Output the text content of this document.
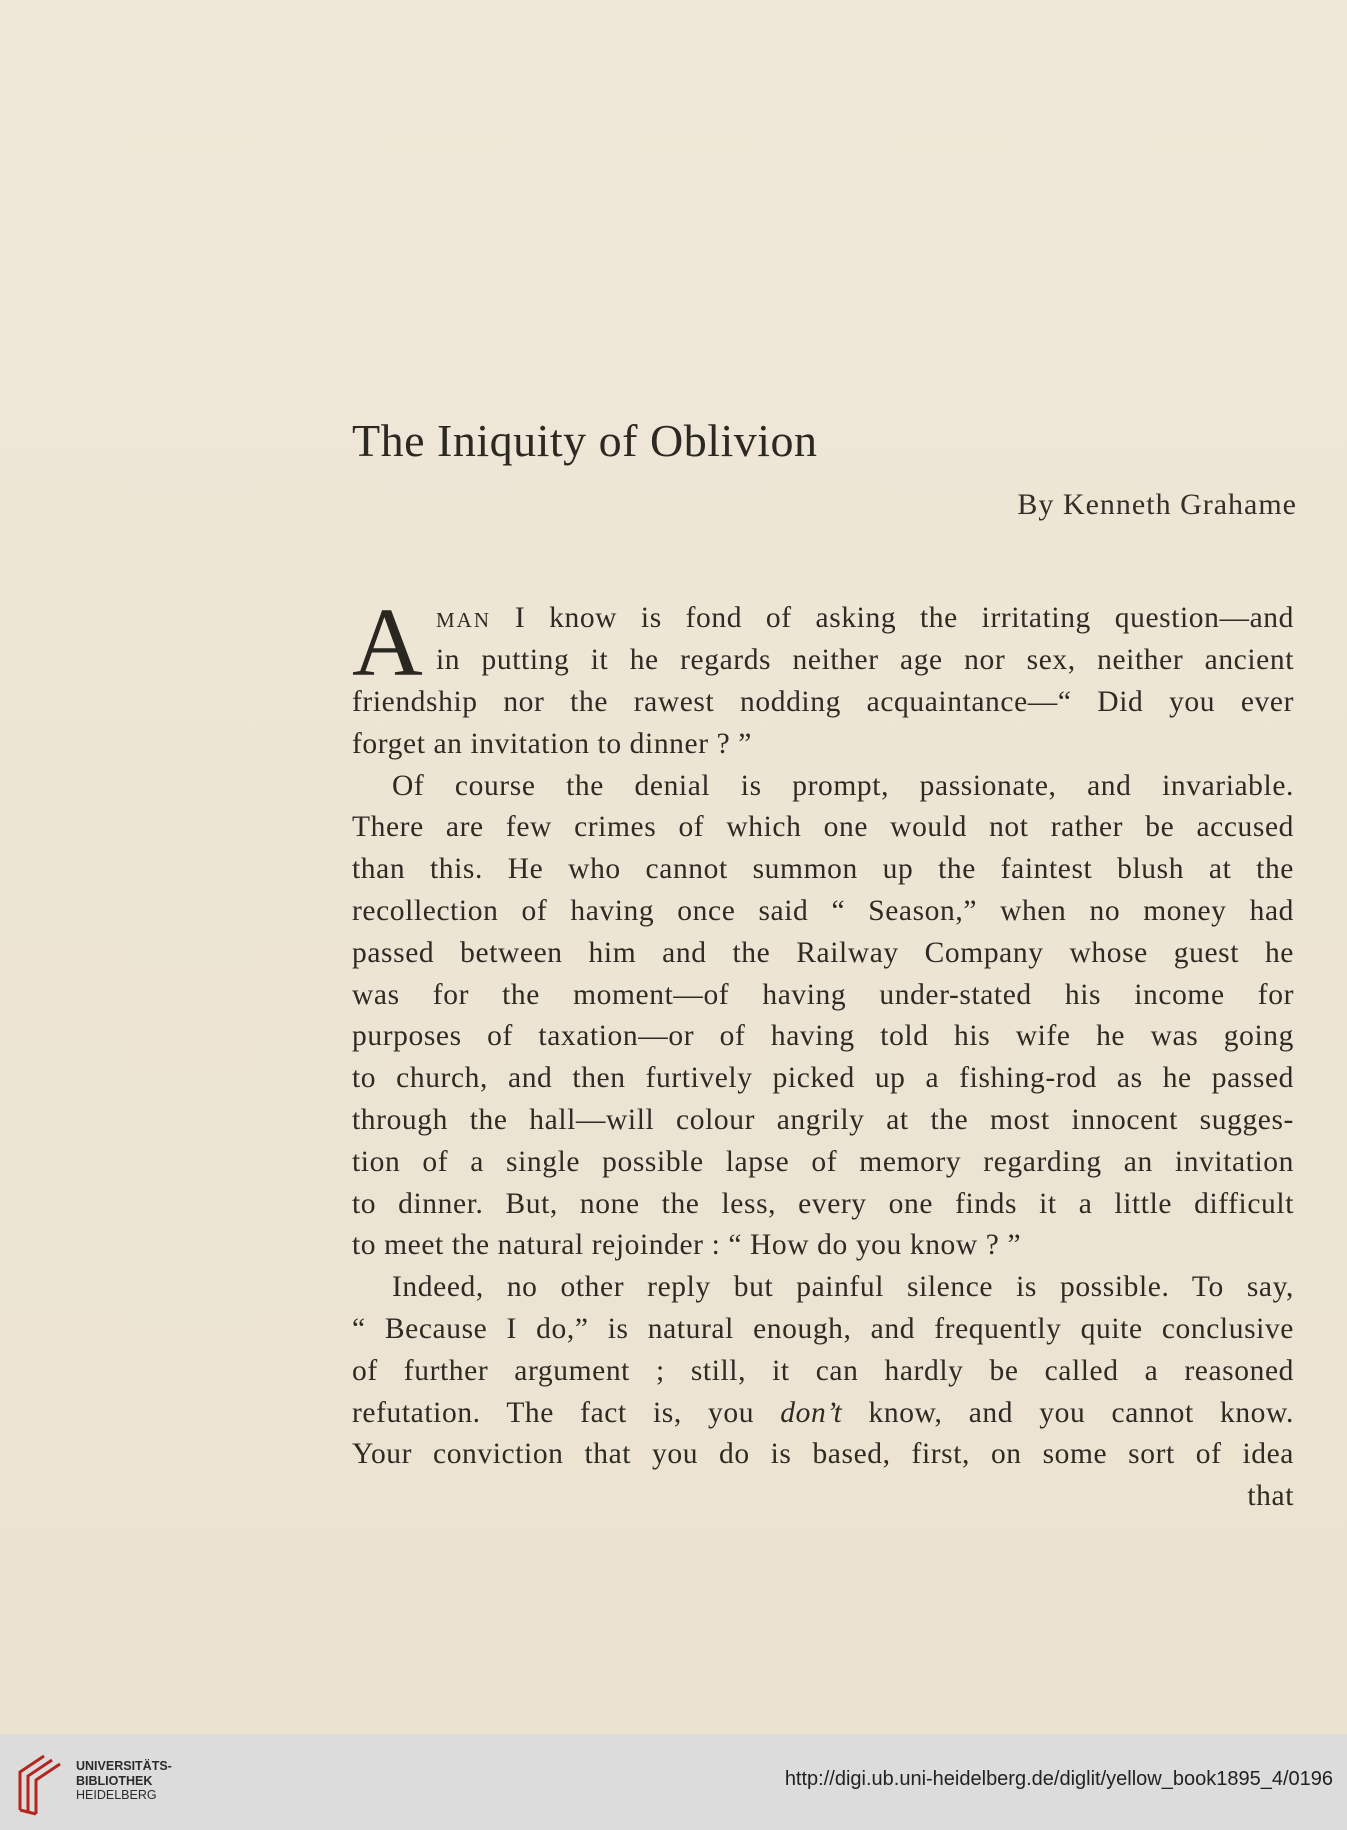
The Iniquity of Oblivion
By Kenneth Grahame
A man I know is fond of asking the irritating question—and
in putting it he regards neither age nor sex, neither ancient
friendship nor the rawest nodding acquaintance—“ Did you ever
forget an invitation to dinner ? ”
Of course the denial is prompt, passionate, and invariable.
There are few crimes of which one would not rather be accused
than this. He who cannot summon up the faintest blush at the
recollection of having once said “ Season,” when no money had
passed between him and the Railway Company whose guest he
was for the moment—of having under-stated his income for
purposes of taxation—or of having told his wife he was going
to church, and then furtively picked up a fishing-rod as he passed
through the hall—will colour angrily at the most innocent sugges-
tion of a single possible lapse of memory regarding an invitation
to dinner. But, none the less, every one finds it a little difficult
to meet the natural rejoinder : “ How do you know ? ”
Indeed, no other reply but painful silence is possible. To say,
“ Because I do,” is natural enough, and frequently quite conclusive
of further argument ; still, it can hardly be called a reasoned
refutation. The fact is, you don’t know, and you cannot know.
Your conviction that you do is based, first, on some sort of idea
that
UNIVERSITÄTS-
BIBLIOTHEK
HEIDELBERG
http://digi.ub.uni-heidelberg.de/diglit/yellow_book1895_4/0196
